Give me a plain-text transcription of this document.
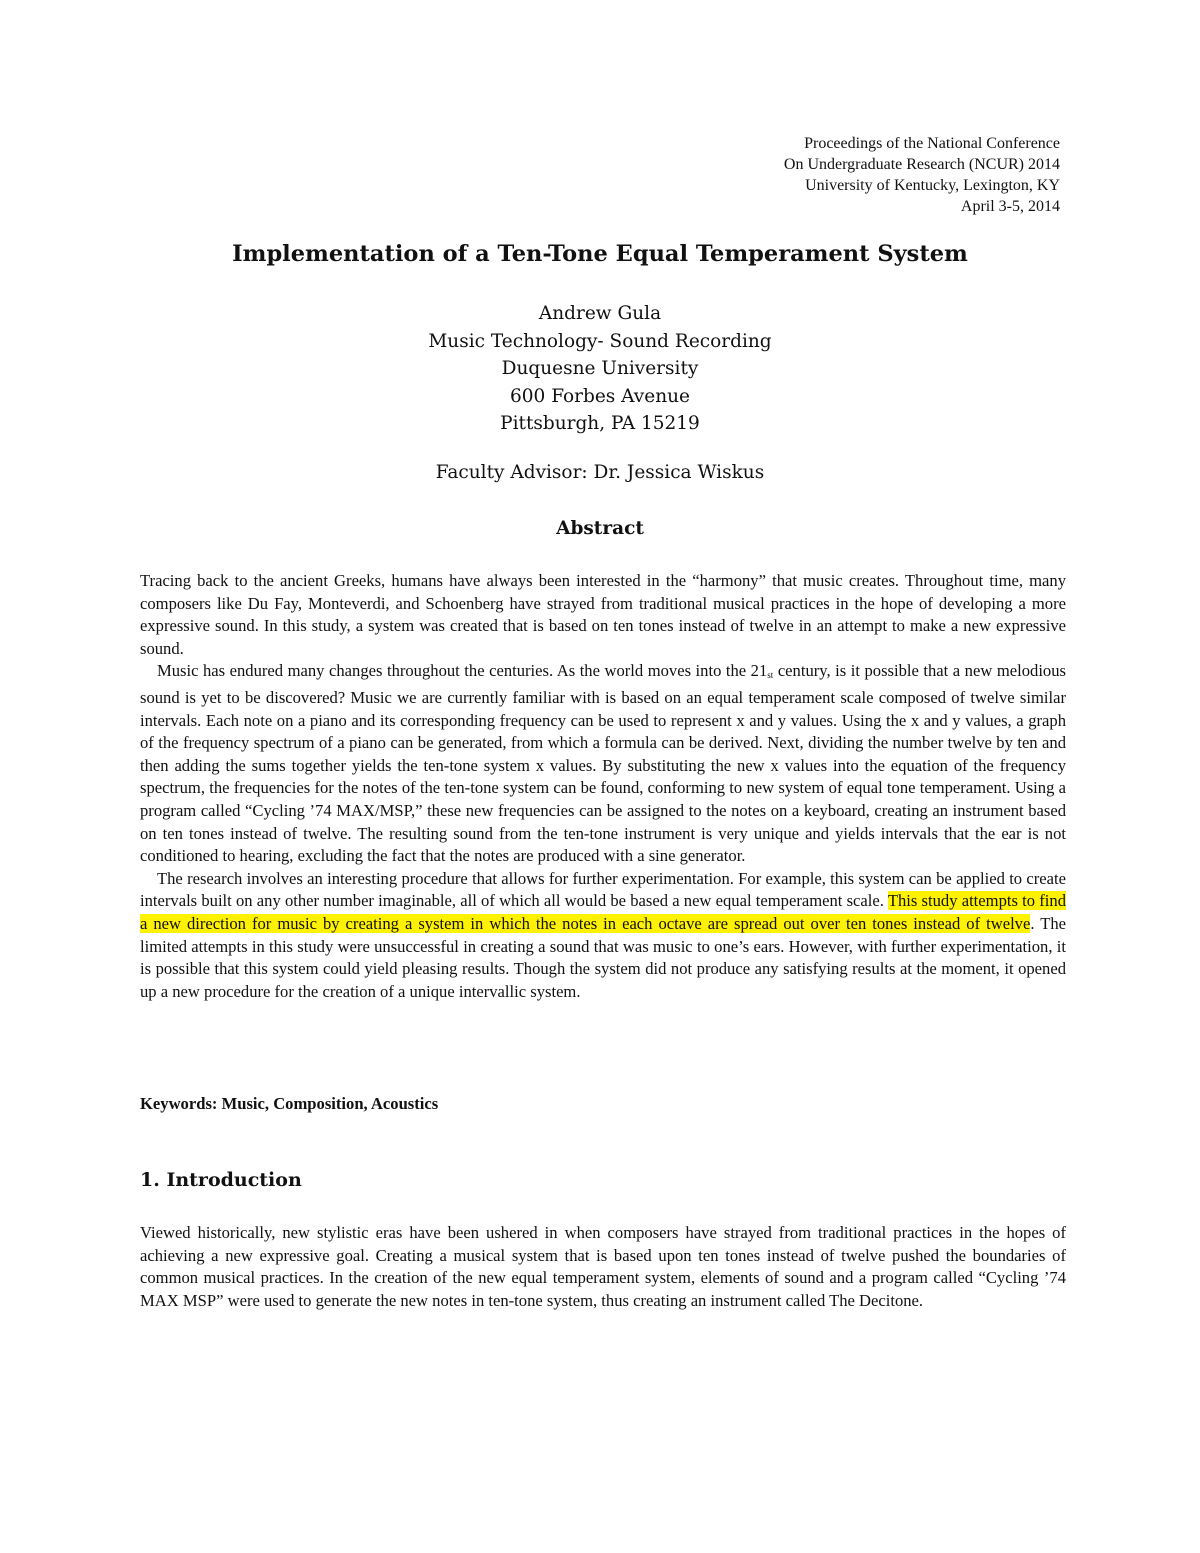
Proceedings of the National Conference
On Undergraduate Research (NCUR) 2014
University of Kentucky, Lexington, KY
April 3-5, 2014
Implementation of a Ten-Tone Equal Temperament System
Andrew Gula
Music Technology- Sound Recording
Duquesne University
600 Forbes Avenue
Pittsburgh, PA 15219
Faculty Advisor: Dr. Jessica Wiskus
Abstract

Tracing back to the ancient Greeks, humans have always been interested in the “harmony” that music creates. Throughout time, many composers like Du Fay, Monteverdi, and Schoenberg have strayed from traditional musical practices in the hope of developing a more expressive sound. In this study, a system was created that is based on ten tones instead of twelve in an attempt to make a new expressive sound.

Music has endured many changes throughout the centuries. As the world moves into the $21_{st}$ century, is it possible that a new melodious sound is yet to be discovered? Music we are currently familiar with is based on an equal temperament scale composed of twelve similar intervals. Each note on a piano and its corresponding frequency can be used to represent x and y values. Using the x and y values, a graph of the frequency spectrum of a piano can be generated, from which a formula can be derived. Next, dividing the number twelve by ten and then adding the sums together yields the ten-tone system x values. By substituting the new x values into the equation of the frequency spectrum, the frequencies for the notes of the ten-tone system can be found, conforming to new system of equal tone temperament. Using a program called “Cycling ’74 MAX/MSP,” these new frequencies can be assigned to the notes on a keyboard, creating an instrument based on ten tones instead of twelve. The resulting sound from the ten-tone instrument is very unique and yields intervals that the ear is not conditioned to hearing, excluding the fact that the notes are produced with a sine generator.

The research involves an interesting procedure that allows for further experimentation. For example, this system can be applied to create intervals built on any other number imaginable, all of which all would be based a new equal temperament scale. This study attempts to find a new direction for music by creating a system in which the notes in each octave are spread out over ten tones instead of twelve. The limited attempts in this study were unsuccessful in creating a sound that was music to one’s ears. However, with further experimentation, it is possible that this system could yield pleasing results. Though the system did not produce any satisfying results at the moment, it opened up a new procedure for the creation of a unique intervallic system.

Keywords: Music, Composition, Acoustics
1. Introduction

Viewed historically, new stylistic eras have been ushered in when composers have strayed from traditional practices in the hopes of achieving a new expressive goal. Creating a musical system that is based upon ten tones instead of twelve pushed the boundaries of common musical practices. In the creation of the new equal temperament system, elements of sound and a program called “Cycling ’74 MAX MSP” were used to generate the new notes in ten-tone system, thus creating an instrument called The Decitone.
